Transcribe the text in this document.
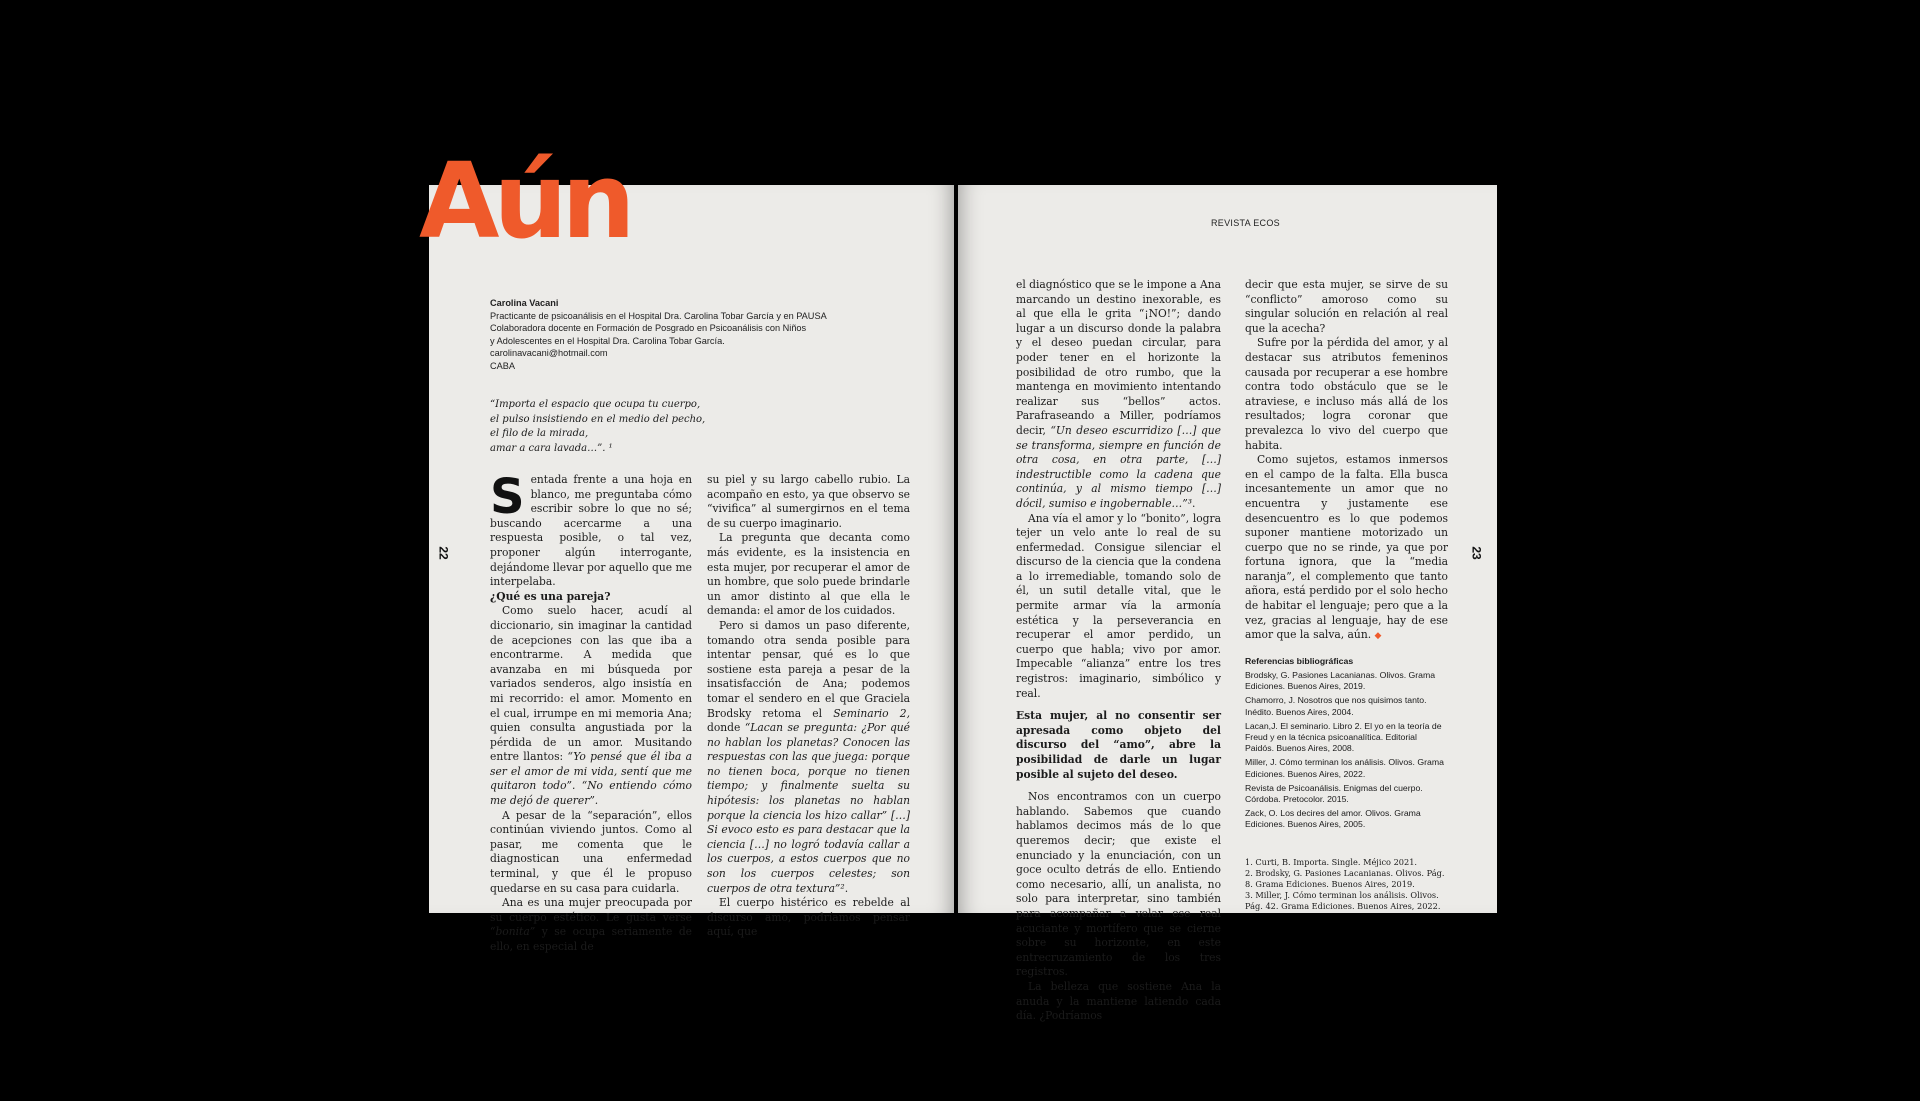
Aún
Carolina Vacani
Practicante de psicoanálisis en el Hospital Dra. Carolina Tobar García y en PAUSA
Colaboradora docente en Formación de Posgrado en Psicoanálisis con Niños
y Adolescentes en el Hospital Dra. Carolina Tobar García.
carolinavacani@hotmail.com
CABA
“Importa el espacio que ocupa tu cuerpo,
el pulso insistiendo en el medio del pecho,
el filo de la mirada,
amar a cara lavada…”. ¹
22

Sentada frente a una hoja en blanco, me preguntaba cómo escribir sobre lo que no sé; buscando acercarme a una respuesta posible, o tal vez, proponer algún interrogante, dejándome llevar por aquello que me interpelaba.
¿Qué es una pareja?

Como suelo hacer, acudí al diccionario, sin imaginar la cantidad de acepciones con las que iba a encontrarme. A medida que avanzaba en mi búsqueda por variados senderos, algo insistía en mi recorrido: el amor. Momento en el cual, irrumpe en mi memoria Ana; quien consulta angustiada por la pérdida de un amor. Musitando entre llantos: “Yo pensé que él iba a ser el amor de mi vida, sentí que me quitaron todo”. “No entiendo cómo me dejó de querer”.

A pesar de la “separación”, ellos continúan viviendo juntos. Como al pasar, me comenta que le diagnostican una enfermedad terminal, y que él le propuso quedarse en su casa para cuidarla.

Ana es una mujer preocupada por su cuerpo estético. Le gusta verse “bonita” y se ocupa seriamente de ello, en especial de

su piel y su largo cabello rubio. La acompaño en esto, ya que observo se “vivifica” al sumergirnos en el tema de su cuerpo imaginario.

La pregunta que decanta como más evidente, es la insistencia en esta mujer, por recuperar el amor de un hombre, que solo puede brindarle un amor distinto al que ella le demanda: el amor de los cuidados.

Pero si damos un paso diferente, tomando otra senda posible para intentar pensar, qué es lo que sostiene esta pareja a pesar de la insatisfacción de Ana; podemos tomar el sendero en el que Graciela Brodsky retoma el Seminario 2, donde “Lacan se pregunta: ¿Por qué no hablan los planetas? Conocen las respuestas con las que juega: porque no tienen boca, porque no tienen tiempo; y finalmente suelta su hipótesis: los planetas no hablan porque la ciencia los hizo callar” […] Si evoco esto es para destacar que la ciencia […] no logró todavía callar a los cuerpos, a estos cuerpos que no son los cuerpos celestes; son cuerpos de otra textura”².

El cuerpo histérico es rebelde al discurso amo, podríamos pensar aquí, que

REVISTA ECOS
23

el diagnóstico que se le impone a Ana marcando un destino inexorable, es al que ella le grita “¡NO!”; dando lugar a un discurso donde la palabra y el deseo puedan circular, para poder tener en el horizonte la posibilidad de otro rumbo, que la mantenga en movimiento intentando realizar sus “bellos” actos. Parafraseando a Miller, podríamos decir, “Un deseo escurridizo […] que se transforma, siempre en función de otra cosa, en otra parte, […] indestructible como la cadena que continúa, y al mismo tiempo […] dócil, sumiso e ingobernable…”³.

Ana vía el amor y lo “bonito”, logra tejer un velo ante lo real de su enfermedad. Consigue silenciar el discurso de la ciencia que la condena a lo irremediable, tomando solo de él, un sutil detalle vital, que le permite armar vía la armonía estética y la perseverancia en recuperar el amor perdido, un cuerpo que habla; vivo por amor. Impecable “alianza” entre los tres registros: imaginario, simbólico y real.

Esta mujer, al no consentir ser apresada como objeto del discurso del “amo”, abre la posibilidad de darle un lugar posible al sujeto del deseo.

Nos encontramos con un cuerpo hablando. Sabemos que cuando hablamos decimos más de lo que queremos decir; que existe el enunciado y la enunciación, con un goce oculto detrás de ello. Entiendo como necesario, allí, un analista, no solo para interpretar, sino también para acompañar a velar ese real acuciante y mortífero que se cierne sobre su horizonte, en este entrecruzamiento de los tres registros.

La belleza que sostiene Ana la anuda y la mantiene latiendo cada día. ¿Podríamos

decir que esta mujer, se sirve de su “conflicto” amoroso como su singular solución en relación al real que la acecha?

Sufre por la pérdida del amor, y al destacar sus atributos femeninos causada por recuperar a ese hombre contra todo obstáculo que se le atraviese, e incluso más allá de los resultados; logra coronar que prevalezca lo vivo del cuerpo que habita.

Como sujetos, estamos inmersos en el campo de la falta. Ella busca incesantemente un amor que no encuentra y justamente ese desencuentro es lo que podemos suponer mantiene motorizado un cuerpo que no se rinde, ya que por fortuna ignora, que la “media naranja”, el complemento que tanto añora, está perdido por el solo hecho de habitar el lenguaje; pero que a la vez, gracias al lenguaje, hay de ese amor que la salva, aún. ◆

Referencias bibliográficas
Brodsky, G. Pasiones Lacanianas. Olivos. Grama Ediciones. Buenos Aires, 2019.
Chamorro, J. Nosotros que nos quisimos tanto. Inédito. Buenos Aires, 2004.
Lacan,J. El seminario. Libro 2. El yo en la teoría de Freud y en la técnica psicoanalítica. Editorial Paidós. Buenos Aires, 2008.
Miller, J. Cómo terminan los análisis. Olivos. Grama Ediciones. Buenos Aires, 2022.
Revista de Psicoanálisis. Enigmas del cuerpo. Córdoba. Pretocolor. 2015.
Zack, O. Los decires del amor. Olivos. Grama Ediciones. Buenos Aires, 2005.
1. Curti, B. Importa. Single. Méjico 2021.
2. Brodsky, G. Pasiones Lacanianas. Olivos. Pág. 8. Grama Ediciones. Buenos Aires, 2019.
3. Miller, J. Cómo terminan los análisis. Olivos. Pág. 42. Grama Ediciones. Buenos Aires, 2022.
